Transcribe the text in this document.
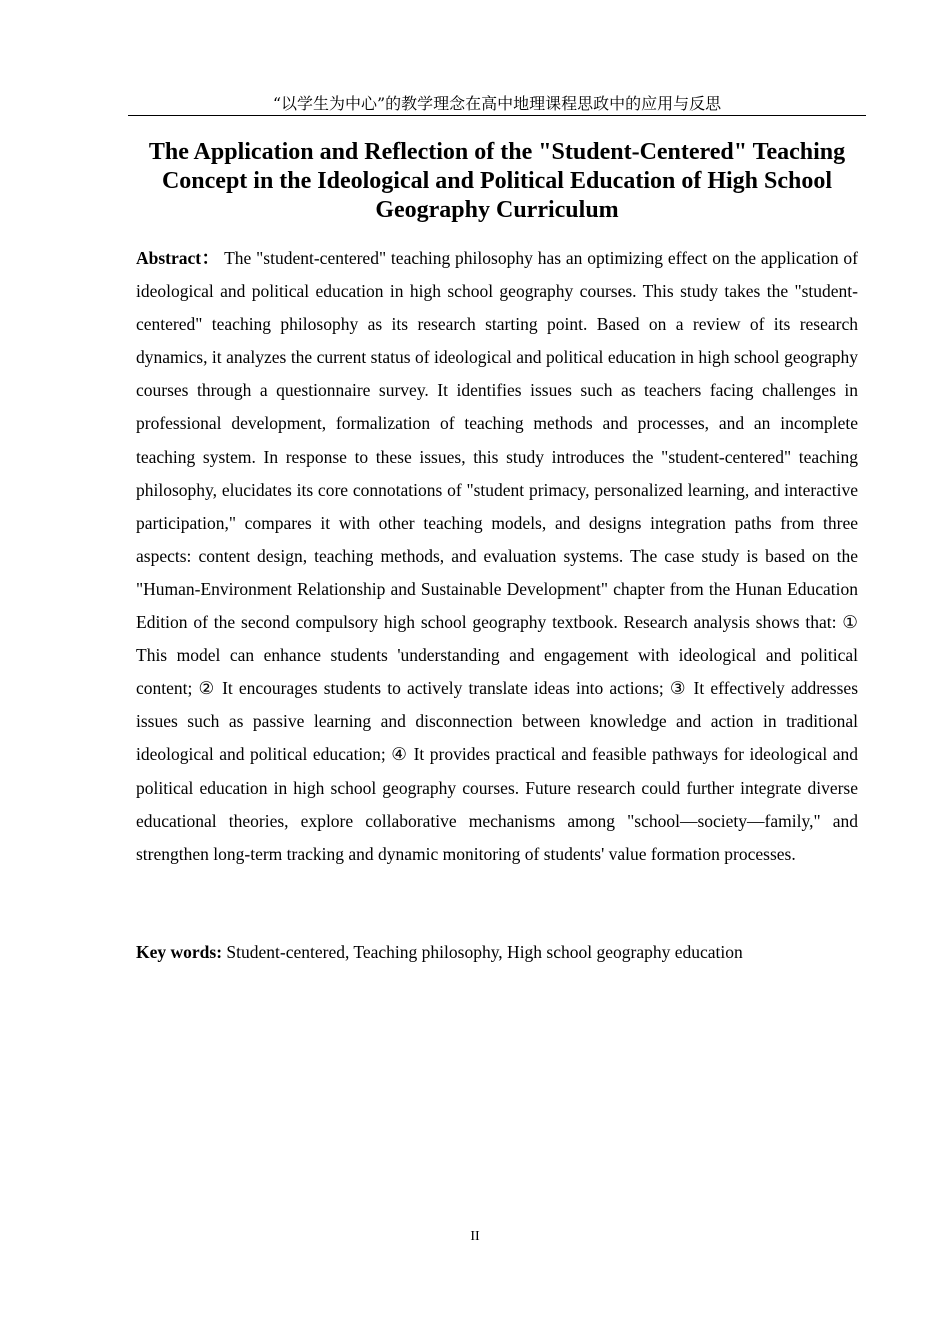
“以学生为中心”的教学理念在高中地理课程思政中的应用与反思
The Application and Reflection of the "Student-Centered" Teaching Concept in the Ideological and Political Education of High School Geography Curriculum

Abstract： The "student-centered" teaching philosophy has an optimizing effect on the application of ideological and political education in high school geography courses. This study takes the "student-centered" teaching philosophy as its research starting point. Based on a review of its research dynamics, it analyzes the current status of ideological and political education in high school geography courses through a questionnaire survey. It identifies issues such as teachers facing challenges in professional development, formalization of teaching methods and processes, and an incomplete teaching system. In response to these issues, this study introduces the "student-centered" teaching philosophy, elucidates its core connotations of "student primacy, personalized learning, and interactive participation," compares it with other teaching models, and designs integration paths from three aspects: content design, teaching methods, and evaluation systems. The case study is based on the "Human-Environment Relationship and Sustainable Development" chapter from the Hunan Education Edition of the second compulsory high school geography textbook. Research analysis shows that: ① This model can enhance students 'understanding and engagement with ideological and political content; ② It encourages students to actively translate ideas into actions; ③ It effectively addresses issues such as passive learning and disconnection between knowledge and action in traditional ideological and political education; ④ It provides practical and feasible pathways for ideological and political education in high school geography courses. Future research could further integrate diverse educational theories, explore collaborative mechanisms among "school—society—family," and strengthen long-term tracking and dynamic monitoring of students' value formation processes.

Key words: Student-centered, Teaching philosophy, High school geography education

II
